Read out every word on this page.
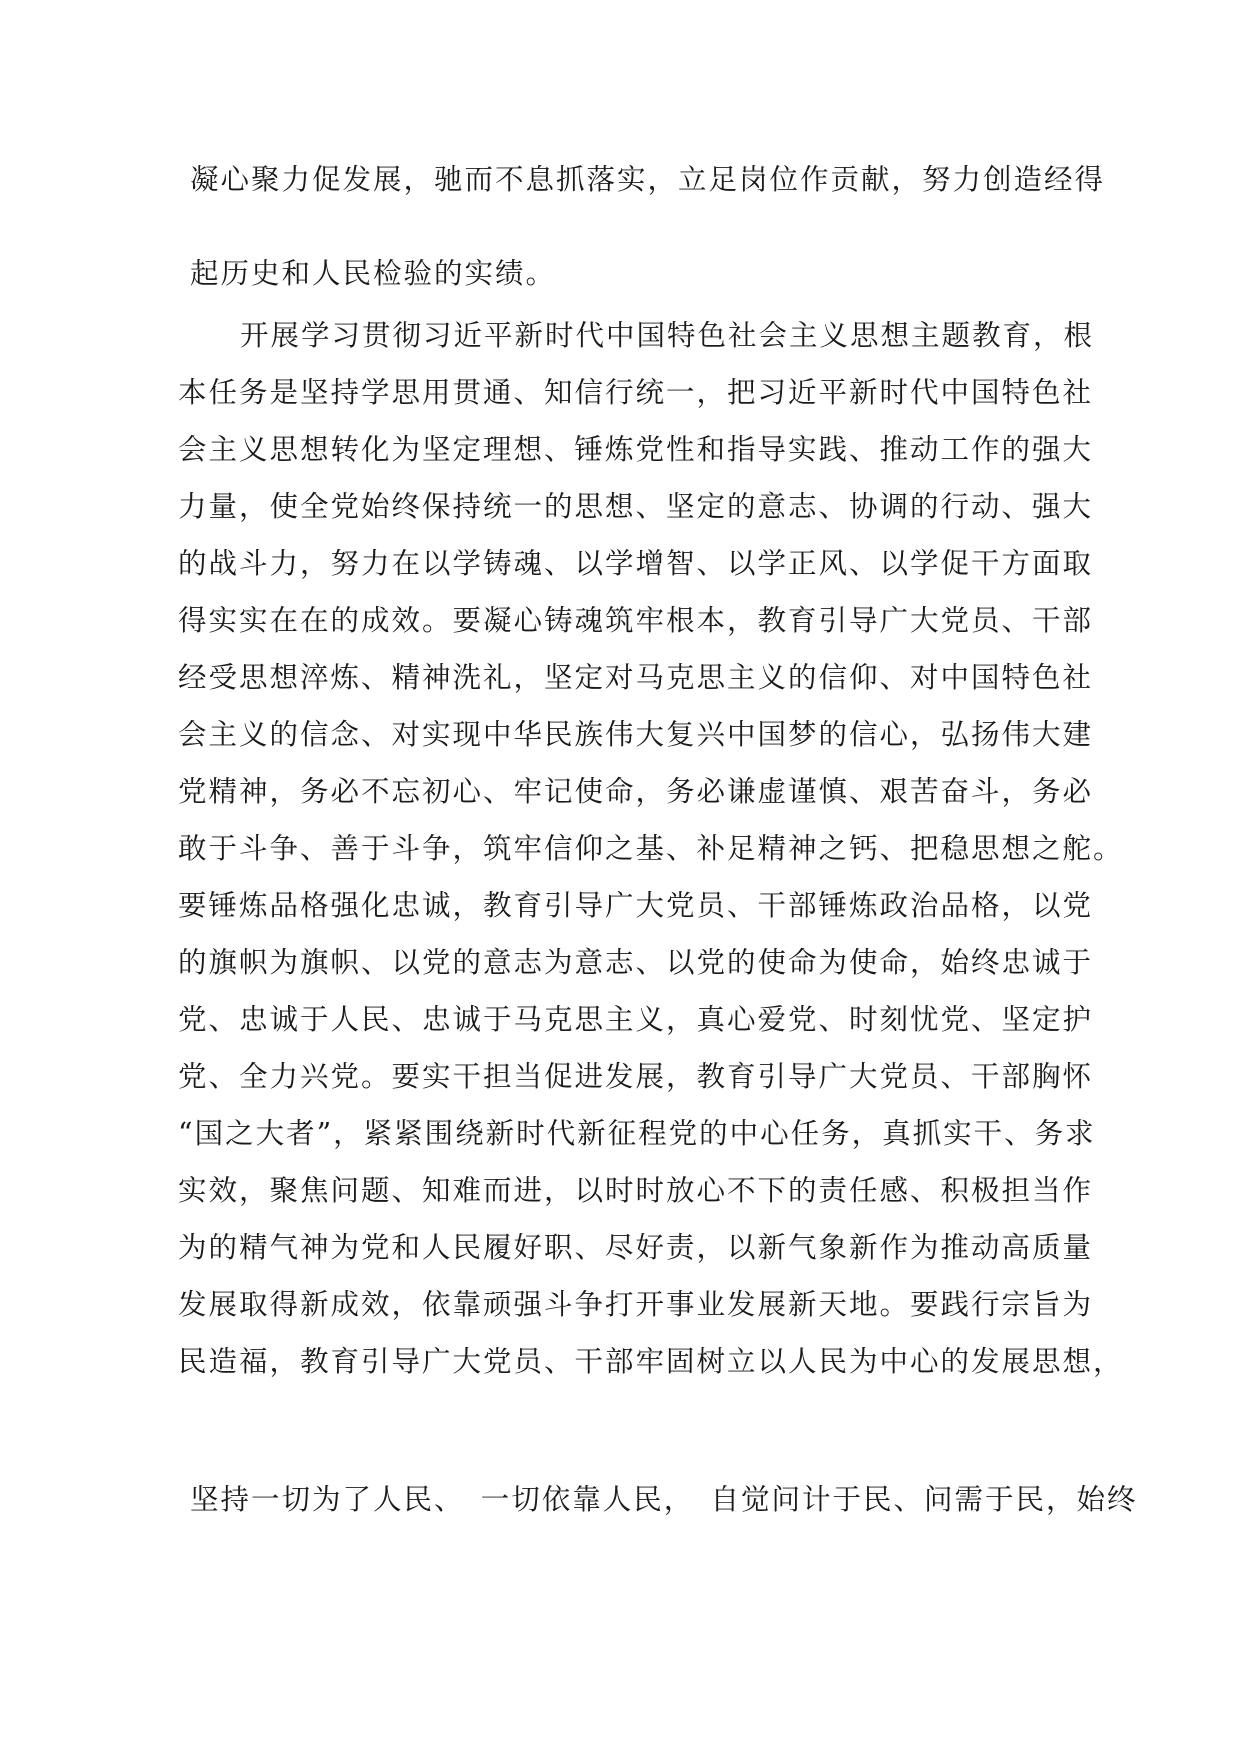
凝心聚力促发展，驰而不息抓落实，立足岗位作贡献，努力创造经得
起历史和人民检验的实绩。
开展学习贯彻习近平新时代中国特色社会主义思想主题教育，根
本任务是坚持学思用贯通、知信行统一，把习近平新时代中国特色社
会主义思想转化为坚定理想、锤炼党性和指导实践、推动工作的强大
力量，使全党始终保持统一的思想、坚定的意志、协调的行动、强大
的战斗力，努力在以学铸魂、以学增智、以学正风、以学促干方面取
得实实在在的成效。要凝心铸魂筑牢根本，教育引导广大党员、干部
经受思想淬炼、精神洗礼，坚定对马克思主义的信仰、对中国特色社
会主义的信念、对实现中华民族伟大复兴中国梦的信心，弘扬伟大建
党精神，务必不忘初心、牢记使命，务必谦虚谨慎、艰苦奋斗，务必
敢于斗争、善于斗争，筑牢信仰之基、补足精神之钙、把稳思想之舵。
要锤炼品格强化忠诚，教育引导广大党员、干部锤炼政治品格，以党
的旗帜为旗帜、以党的意志为意志、以党的使命为使命，始终忠诚于
党、忠诚于人民、忠诚于马克思主义，真心爱党、时刻忧党、坚定护
党、全力兴党。要实干担当促进发展，教育引导广大党员、干部胸怀
“国之大者”，紧紧围绕新时代新征程党的中心任务，真抓实干、务求
实效，聚焦问题、知难而进，以时时放心不下的责任感、积极担当作
为的精气神为党和人民履好职、尽好责，以新气象新作为推动高质量
发展取得新成效，依靠顽强斗争打开事业发展新天地。要践行宗旨为
民造福，教育引导广大党员、干部牢固树立以人民为中心的发展思想，
坚持一切为了人民、　一切依靠人民，　自觉问计于民、问需于民，始终
